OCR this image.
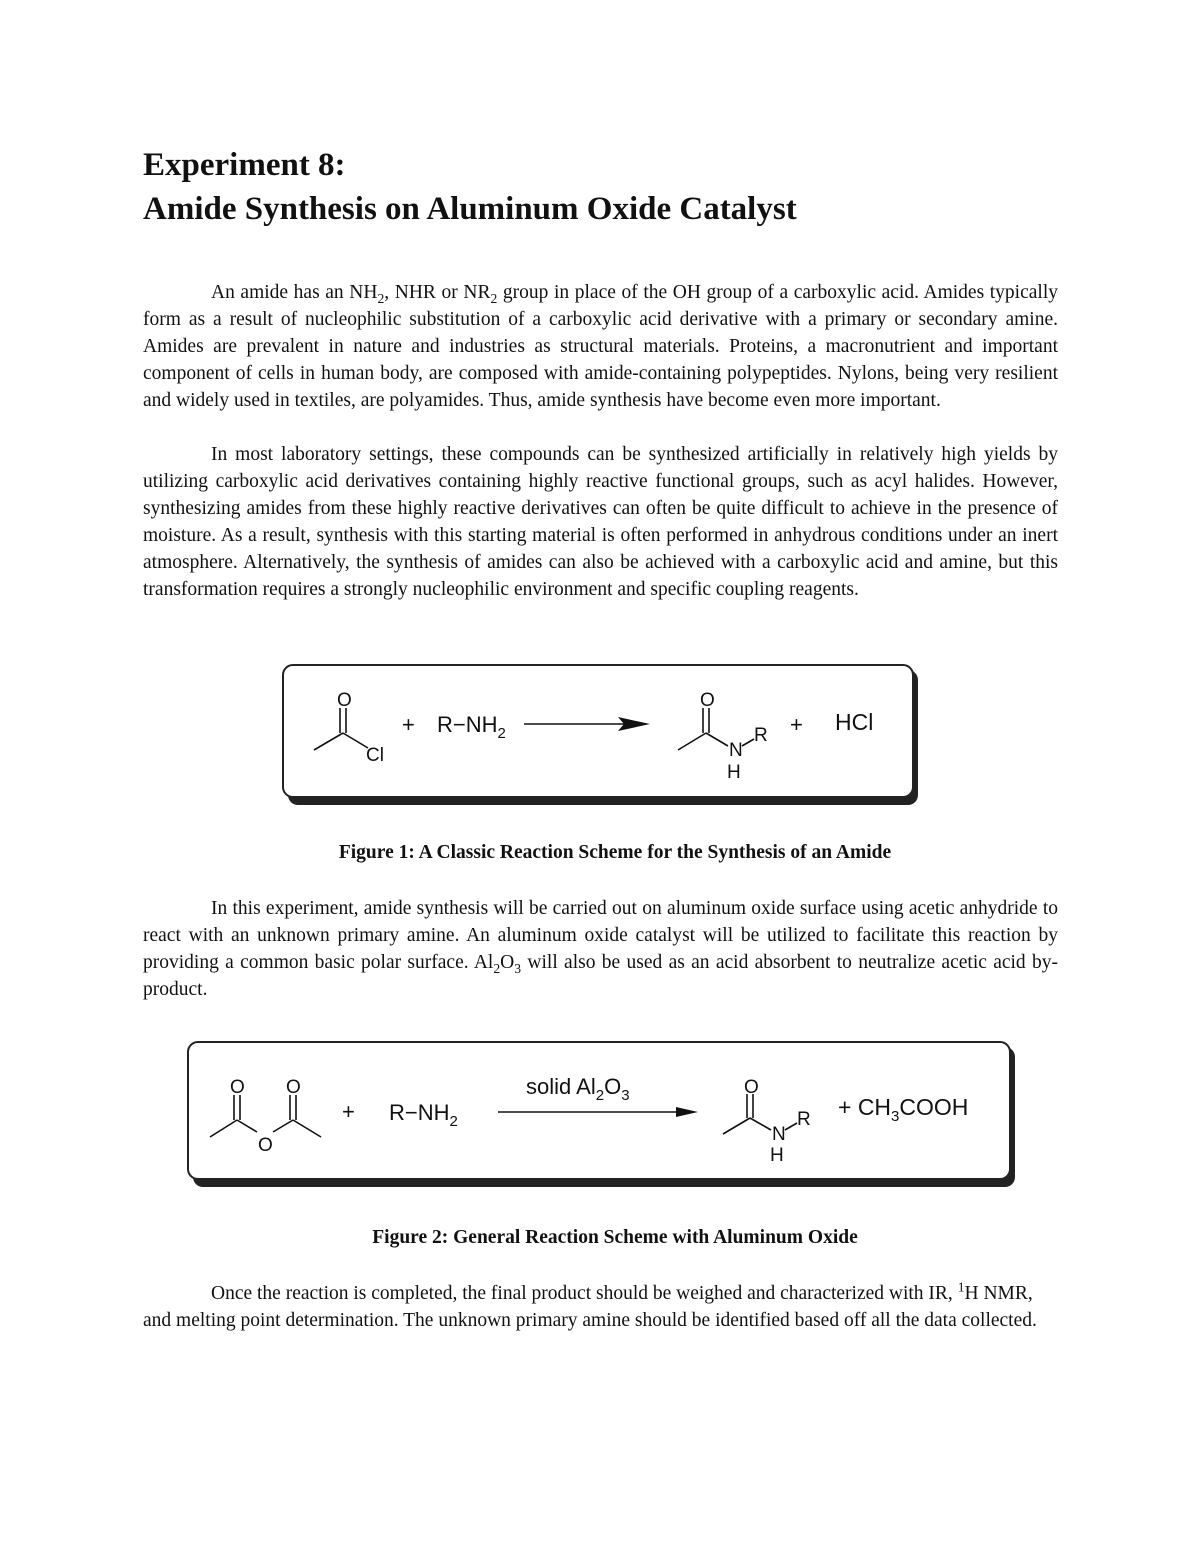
Experiment 8:
Amide Synthesis on Aluminum Oxide Catalyst

An amide has an $NH_2$, NHR or $NR_2$ group in place of the OH group of a carboxylic acid. Amides typically form as a result of nucleophilic substitution of a carboxylic acid derivative with a primary or secondary amine. Amides are prevalent in nature and industries as structural materials. Proteins, a macronutrient and important component of cells in human body, are composed with amide-containing polypeptides. Nylons, being very resilient and widely used in textiles, are polyamides. Thus, amide synthesis have become even more important.

In most laboratory settings, these compounds can be synthesized artificially in relatively high yields by utilizing carboxylic acid derivatives containing highly reactive functional groups, such as acyl halides. However, synthesizing amides from these highly reactive derivatives can often be quite difficult to achieve in the presence of moisture. As a result, synthesis with this starting material is often performed in anhydrous conditions under an inert atmosphere. Alternatively, the synthesis of amides can also be achieved with a carboxylic acid and amine, but this transformation requires a strongly nucleophilic environment and specific coupling reagents.

O
Cl
+ $R-NH_2$
O
N
R
H
+ HCl

Figure 1: A Classic Reaction Scheme for the Synthesis of an Amide

In this experiment, amide synthesis will be carried out on aluminum oxide surface using acetic anhydride to react with an unknown primary amine. An aluminum oxide catalyst will be utilized to facilitate this reaction by providing a common basic polar surface. $Al_2O_3$ will also be used as an acid absorbent to neutralize acetic acid by-product.

O
O
O
+ $R-NH_2$
solid $Al_2O_3$	O
N
R
H
+ $CH_3COOH$

Figure 2: General Reaction Scheme with Aluminum Oxide

Once the reaction is completed, the final product should be weighed and characterized with IR, $^1$H NMR, and melting point determination. The unknown primary amine should be identified based off all the data collected.
